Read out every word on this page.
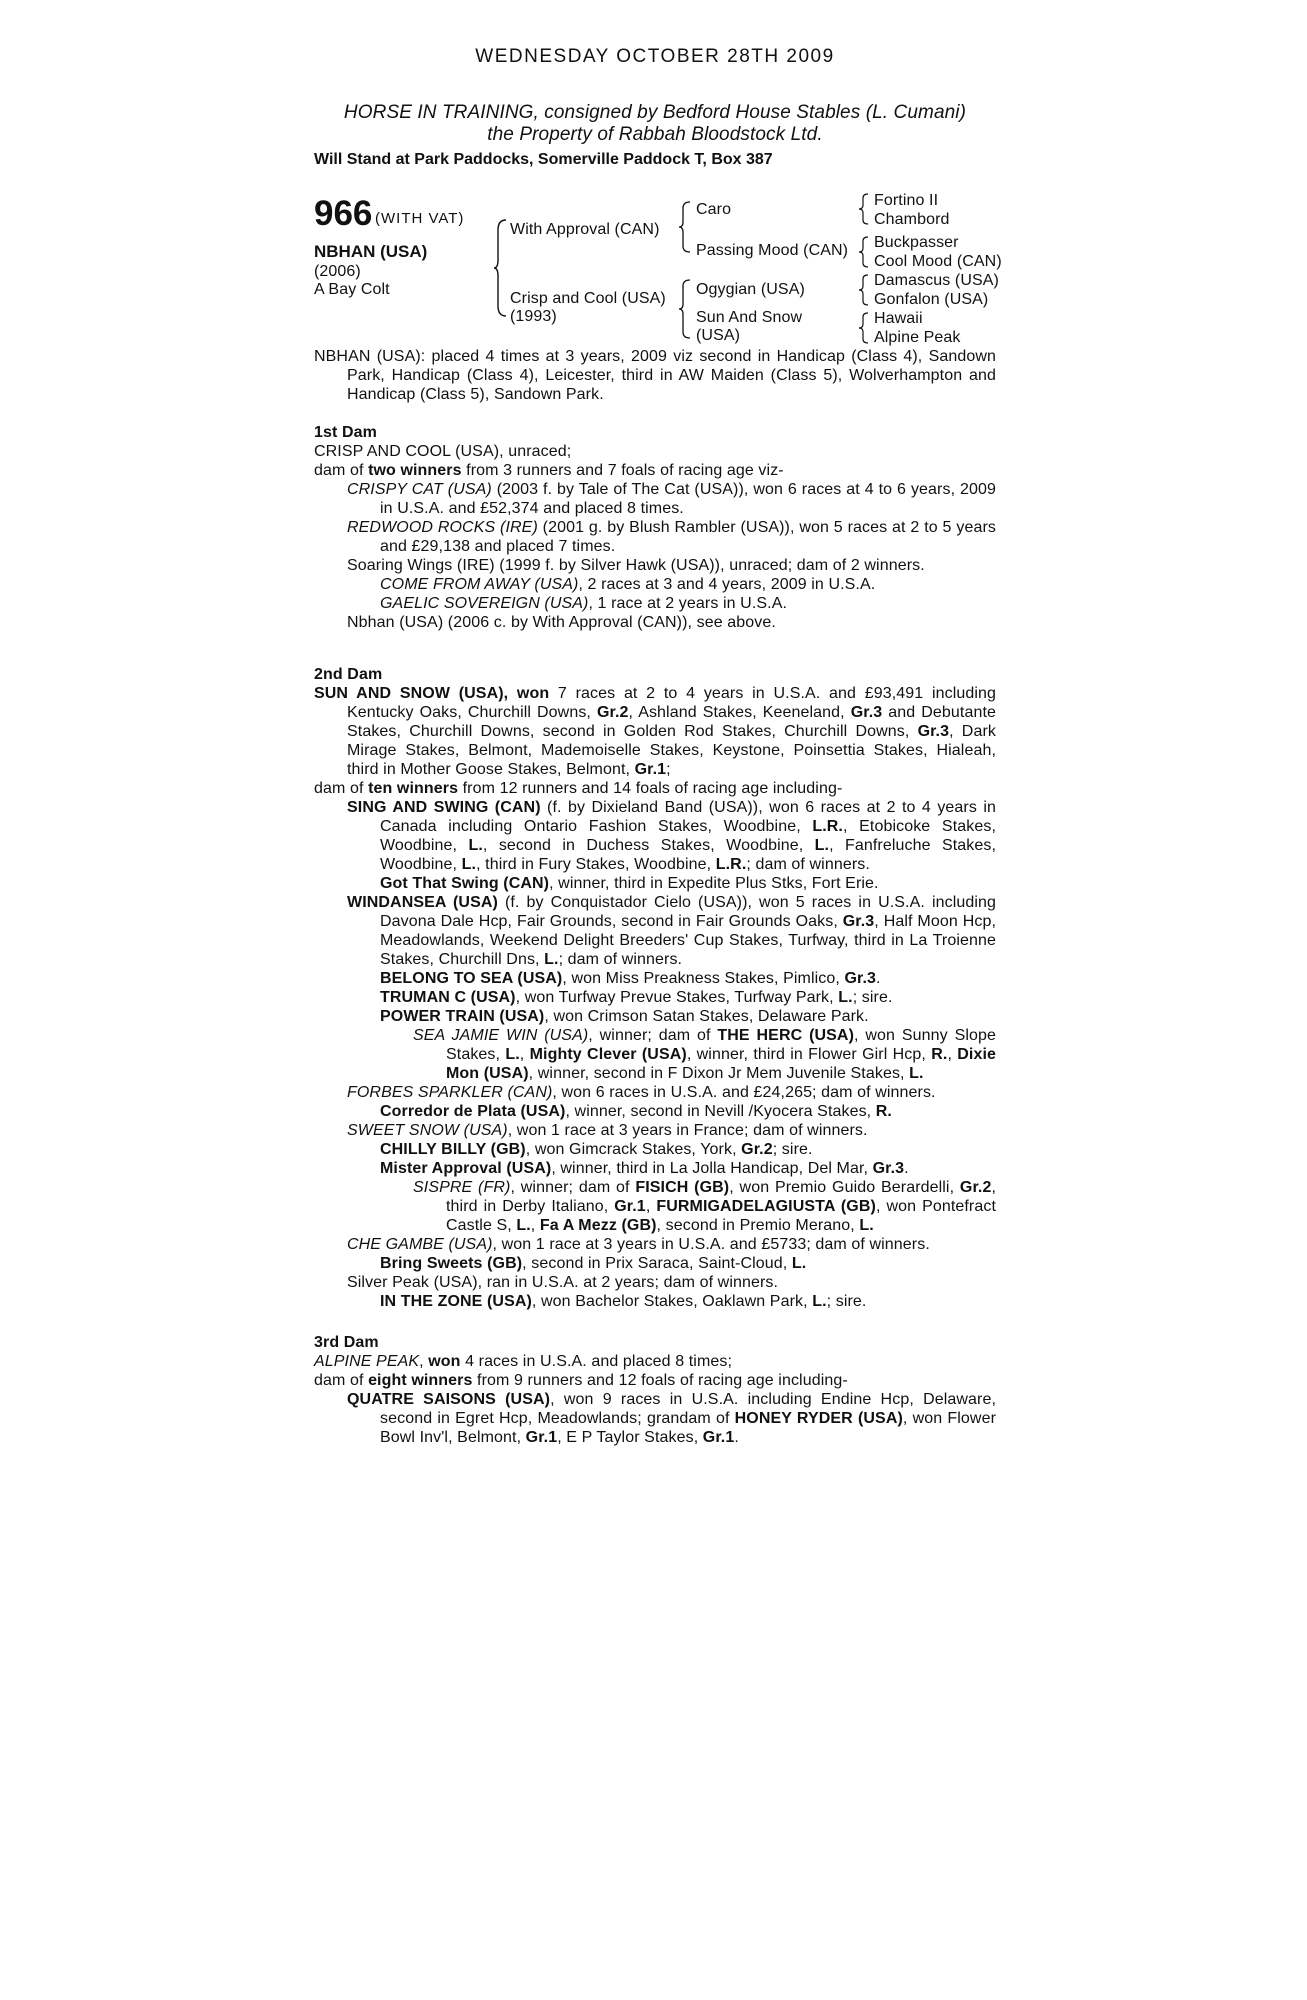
WEDNESDAY OCTOBER 28TH 2009
HORSE IN TRAINING, consigned by Bedford House Stables (L. Cumani)
the Property of Rabbah Bloodstock Ltd.
Will Stand at Park Paddocks, Somerville Paddock T, Box 387
966 (WITH VAT)
NBHAN (USA)
(2006)
A Bay Colt
With Approval (CAN)
Crisp and Cool (USA)
(1993)
Caro
Passing Mood (CAN)
Ogygian (USA)
Sun And Snow
(USA)
Fortino II
Chambord
Buckpasser
Cool Mood (CAN)
Damascus (USA)
Gonfalon (USA)
Hawaii
Alpine Peak

NBHAN (USA): placed 4 times at 3 years, 2009 viz second in Handicap (Class 4), Sandown Park, Handicap (Class 4), Leicester, third in AW Maiden (Class 5), Wolverhampton and Handicap (Class 5), Sandown Park.

1st Dam

CRISP AND COOL (USA), unraced;

dam of two winners from 3 runners and 7 foals of racing age viz-

CRISPY CAT (USA) (2003 f. by Tale of The Cat (USA)), won 6 races at 4 to 6 years, 2009 in U.S.A. and £52,374 and placed 8 times.

REDWOOD ROCKS (IRE) (2001 g. by Blush Rambler (USA)), won 5 races at 2 to 5 years and £29,138 and placed 7 times.

Soaring Wings (IRE) (1999 f. by Silver Hawk (USA)), unraced; dam of 2 winners.

COME FROM AWAY (USA), 2 races at 3 and 4 years, 2009 in U.S.A.

GAELIC SOVEREIGN (USA), 1 race at 2 years in U.S.A.

Nbhan (USA) (2006 c. by With Approval (CAN)), see above.

2nd Dam

SUN AND SNOW (USA), won 7 races at 2 to 4 years in U.S.A. and £93,491 including Kentucky Oaks, Churchill Downs, Gr.2, Ashland Stakes, Keeneland, Gr.3 and Debutante Stakes, Churchill Downs, second in Golden Rod Stakes, Churchill Downs, Gr.3, Dark Mirage Stakes, Belmont, Mademoiselle Stakes, Keystone, Poinsettia Stakes, Hialeah, third in Mother Goose Stakes, Belmont, Gr.1;

dam of ten winners from 12 runners and 14 foals of racing age including-

SING AND SWING (CAN) (f. by Dixieland Band (USA)), won 6 races at 2 to 4 years in Canada including Ontario Fashion Stakes, Woodbine, L.R., Etobicoke Stakes, Woodbine, L., second in Duchess Stakes, Woodbine, L., Fanfreluche Stakes, Woodbine, L., third in Fury Stakes, Woodbine, L.R.; dam of winners.

Got That Swing (CAN), winner, third in Expedite Plus Stks, Fort Erie.

WINDANSEA (USA) (f. by Conquistador Cielo (USA)), won 5 races in U.S.A. including Davona Dale Hcp, Fair Grounds, second in Fair Grounds Oaks, Gr.3, Half Moon Hcp, Meadowlands, Weekend Delight Breeders' Cup Stakes, Turfway, third in La Troienne Stakes, Churchill Dns, L.; dam of winners.

BELONG TO SEA (USA), won Miss Preakness Stakes, Pimlico, Gr.3.

TRUMAN C (USA), won Turfway Prevue Stakes, Turfway Park, L.; sire.

POWER TRAIN (USA), won Crimson Satan Stakes, Delaware Park.

SEA JAMIE WIN (USA), winner; dam of THE HERC (USA), won Sunny Slope Stakes, L., Mighty Clever (USA), winner, third in Flower Girl Hcp, R., Dixie Mon (USA), winner, second in F Dixon Jr Mem Juvenile Stakes, L.

FORBES SPARKLER (CAN), won 6 races in U.S.A. and £24,265; dam of winners.

Corredor de Plata (USA), winner, second in Nevill /Kyocera Stakes, R.

SWEET SNOW (USA), won 1 race at 3 years in France; dam of winners.

CHILLY BILLY (GB), won Gimcrack Stakes, York, Gr.2; sire.

Mister Approval (USA), winner, third in La Jolla Handicap, Del Mar, Gr.3.

SISPRE (FR), winner; dam of FISICH (GB), won Premio Guido Berardelli, Gr.2, third in Derby Italiano, Gr.1, FURMIGADELAGIUSTA (GB), won Pontefract Castle S, L., Fa A Mezz (GB), second in Premio Merano, L.

CHE GAMBE (USA), won 1 race at 3 years in U.S.A. and £5733; dam of winners.

Bring Sweets (GB), second in Prix Saraca, Saint-Cloud, L.

Silver Peak (USA), ran in U.S.A. at 2 years; dam of winners.

IN THE ZONE (USA), won Bachelor Stakes, Oaklawn Park, L.; sire.

3rd Dam

ALPINE PEAK, won 4 races in U.S.A. and placed 8 times;

dam of eight winners from 9 runners and 12 foals of racing age including-

QUATRE SAISONS (USA), won 9 races in U.S.A. including Endine Hcp, Delaware, second in Egret Hcp, Meadowlands; grandam of HONEY RYDER (USA), won Flower Bowl Inv'l, Belmont, Gr.1, E P Taylor Stakes, Gr.1.
